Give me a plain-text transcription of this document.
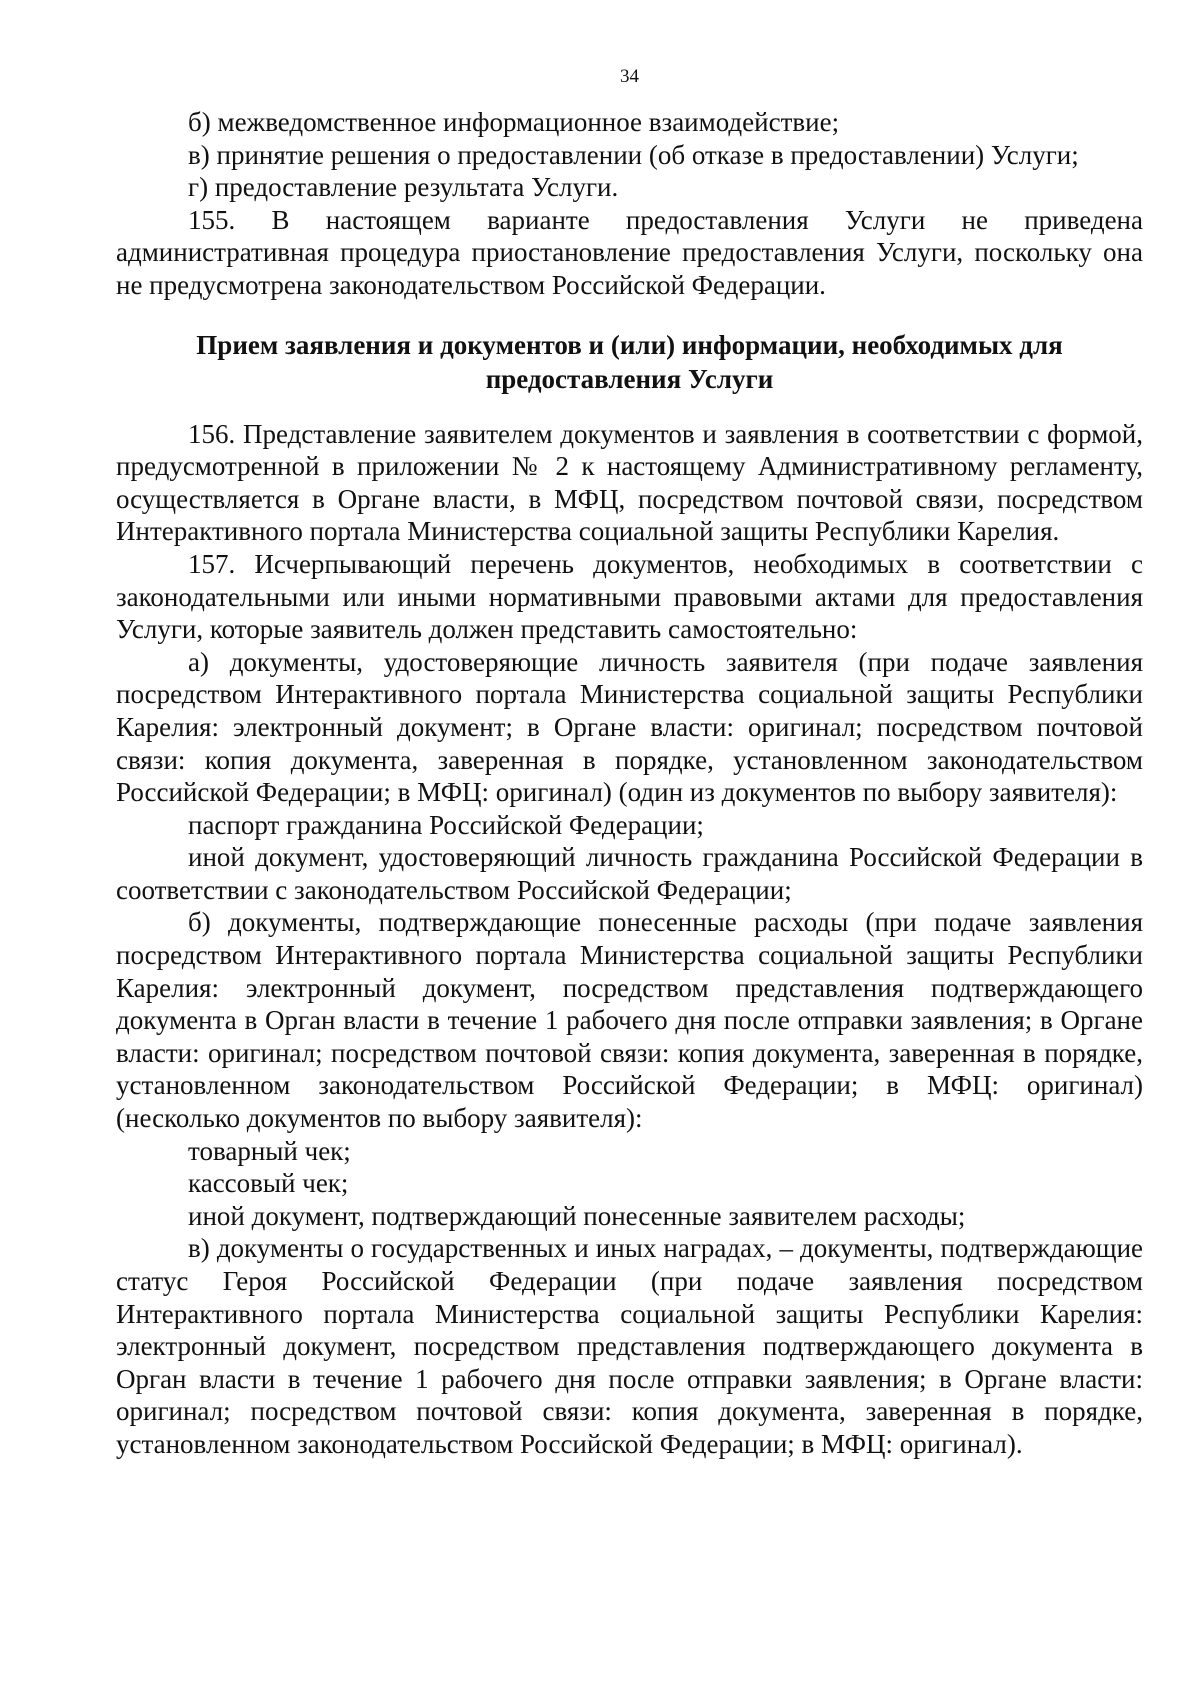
34

б) межведомственное информационное взаимодействие;

в) принятие решения о предоставлении (об отказе в предоставлении) Услуги;

г) предоставление результата Услуги.

155. В настоящем варианте предоставления Услуги не приведена административная процедура приостановление предоставления Услуги, поскольку она не предусмотрена законодательством Российской Федерации.

Прием заявления и документов и (или) информации, необходимых для
предоставления Услуги

156. Представление заявителем документов и заявления в соответствии с формой, предусмотренной в приложении № 2 к настоящему Административному регламенту, осуществляется в Органе власти, в МФЦ, посредством почтовой связи, посредством Интерактивного портала Министерства социальной защиты Республики Карелия.

157. Исчерпывающий перечень документов, необходимых в соответствии с законодательными или иными нормативными правовыми актами для предоставления Услуги, которые заявитель должен представить самостоятельно:

а) документы, удостоверяющие личность заявителя (при подаче заявления посредством Интерактивного портала Министерства социальной защиты Республики Карелия: электронный документ; в Органе власти: оригинал; посредством почтовой связи: копия документа, заверенная в порядке, установленном законодательством Российской Федерации; в МФЦ: оригинал) (один из документов по выбору заявителя):

паспорт гражданина Российской Федерации;

иной документ, удостоверяющий личность гражданина Российской Федерации в соответствии с законодательством Российской Федерации;

б) документы, подтверждающие понесенные расходы (при подаче заявления посредством Интерактивного портала Министерства социальной защиты Республики Карелия: электронный документ, посредством представления подтверждающего документа в Орган власти в течение 1 рабочего дня после отправки заявления; в Органе власти: оригинал; посредством почтовой связи: копия документа, заверенная в порядке, установленном законодательством Российской Федерации; в МФЦ: оригинал) (несколько документов по выбору заявителя):

товарный чек;

кассовый чек;

иной документ, подтверждающий понесенные заявителем расходы;

в) документы о государственных и иных наградах, – документы, подтверждающие статус Героя Российской Федерации (при подаче заявления посредством Интерактивного портала Министерства социальной защиты Республики Карелия: электронный документ, посредством представления подтверждающего документа в Орган власти в течение 1 рабочего дня после отправки заявления; в Органе власти: оригинал; посредством почтовой связи: копия документа, заверенная в порядке, установленном законодательством Российской Федерации; в МФЦ: оригинал).
